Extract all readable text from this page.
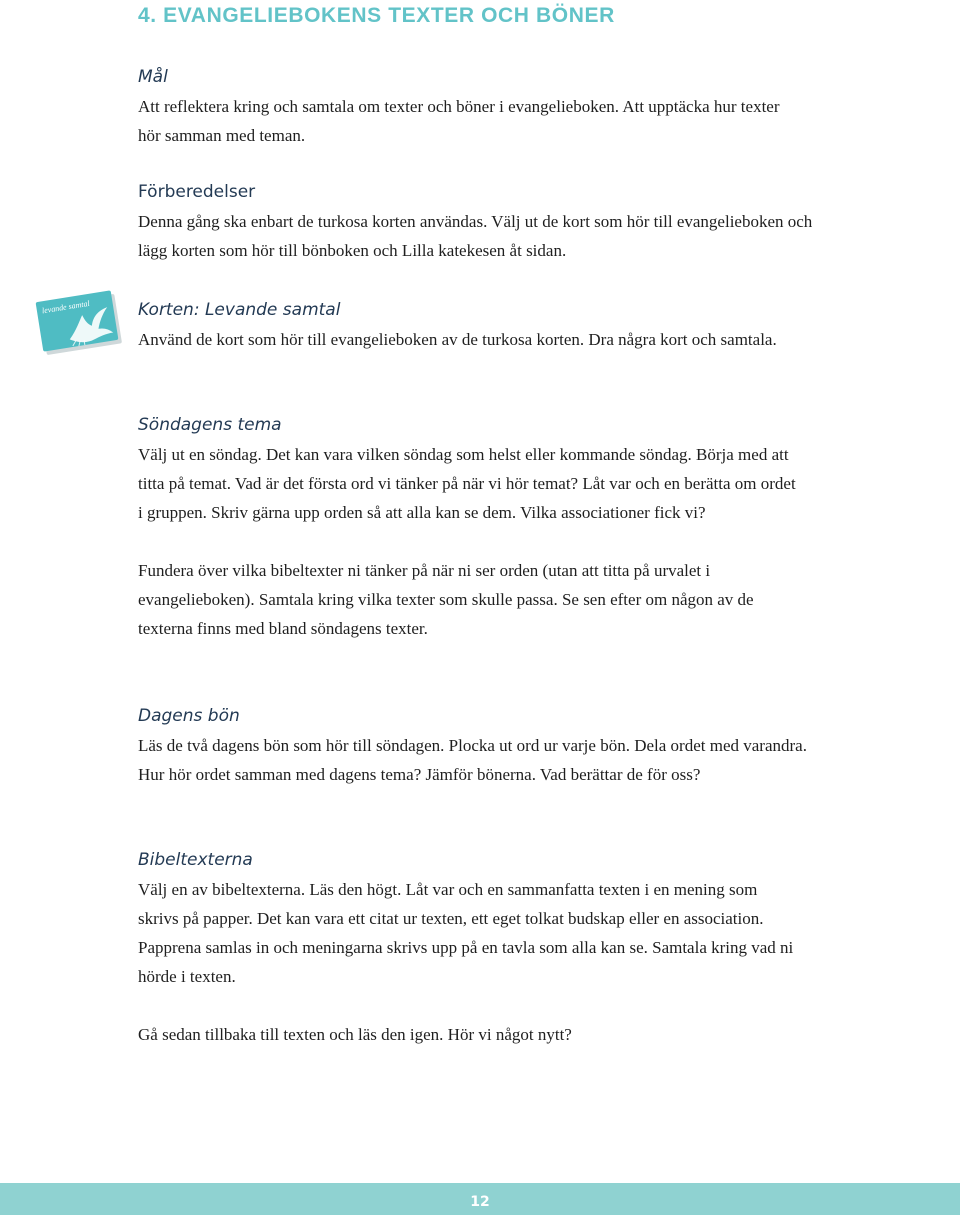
4. EVANGELIEBOKENS TEXTER OCH BÖNER
Mål

Att reflektera kring och samtala om texter och böner i evangelieboken. Att upptäcka hur texter hör samman med teman.

Förberedelser

Denna gång ska enbart de turkosa korten användas. Välj ut de kort som hör till evangelieboken och lägg korten som hör till bönboken och Lilla katekesen åt sidan.

levande samtal	Korten: Levande samtal

Använd de kort som hör till evangelieboken av de turkosa korten. Dra några kort och samtala.

Söndagens tema

Välj ut en söndag. Det kan vara vilken söndag som helst eller kommande söndag. Börja med att titta på temat. Vad är det första ord vi tänker på när vi hör temat? Låt var och en berätta om ordet i gruppen. Skriv gärna upp orden så att alla kan se dem. Vilka associationer fick vi?

Fundera över vilka bibeltexter ni tänker på när ni ser orden (utan att titta på urvalet i evangelieboken). Samtala kring vilka texter som skulle passa. Se sen efter om någon av de texterna finns med bland söndagens texter.

Dagens bön

Läs de två dagens bön som hör till söndagen. Plocka ut ord ur varje bön. Dela ordet med varandra. Hur hör ordet samman med dagens tema? Jämför bönerna. Vad berättar de för oss?

Bibeltexterna

Välj en av bibeltexterna. Läs den högt. Låt var och en sammanfatta texten i en mening som skrivs på papper. Det kan vara ett citat ur texten, ett eget tolkat budskap eller en association. Papprena samlas in och meningarna skrivs upp på en tavla som alla kan se. Samtala kring vad ni hörde i texten.

Gå sedan tillbaka till texten och läs den igen. Hör vi något nytt?

12
